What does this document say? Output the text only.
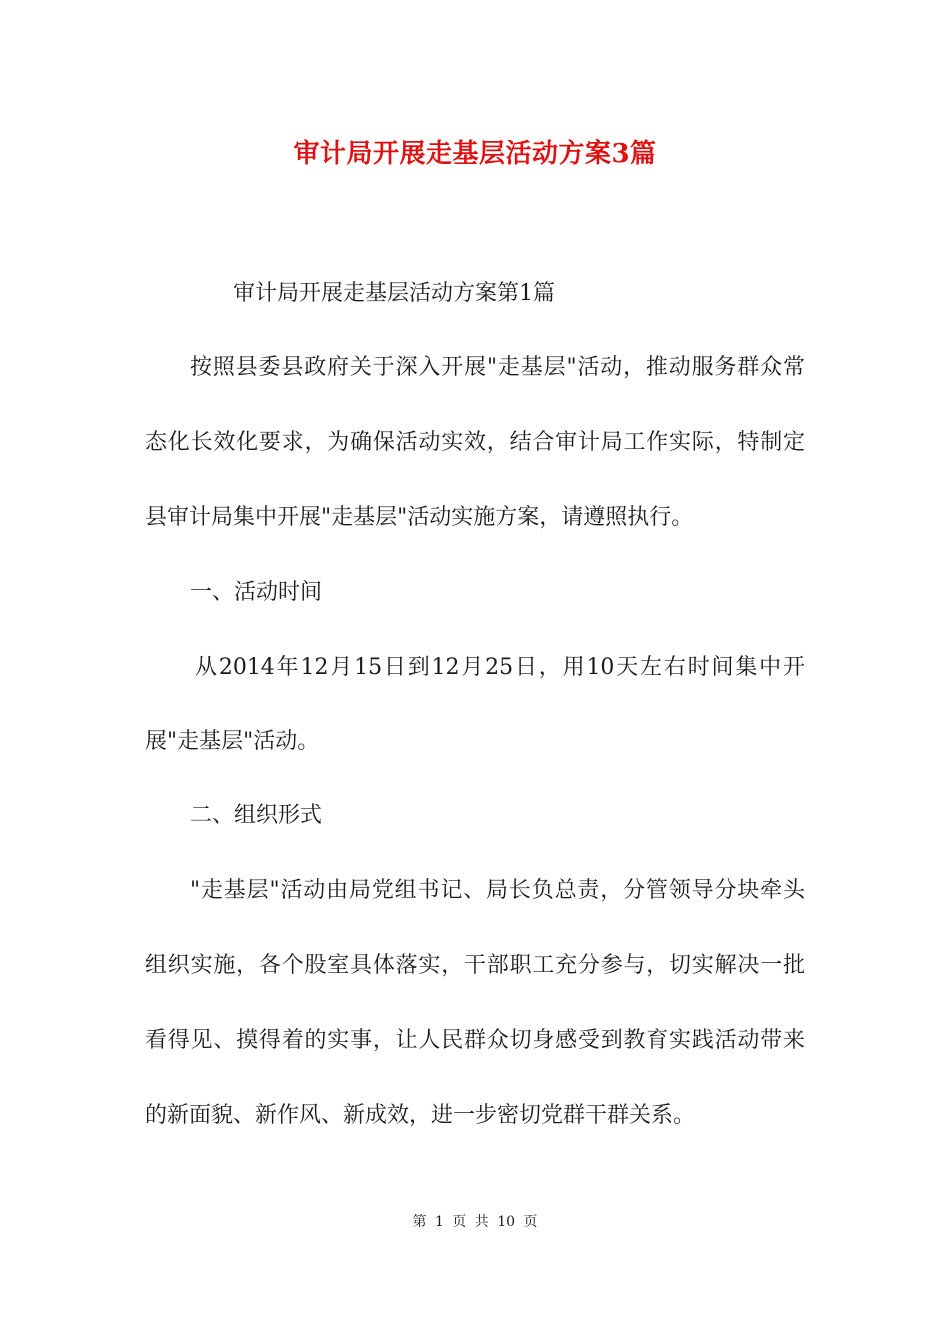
审计局开展走基层活动方案3篇

审计局开展走基层活动方案第1篇

按照县委县政府关于深入开展"走基层"活动，推动服务群众常

态化长效化要求，为确保活动实效，结合审计局工作实际，特制定

县审计局集中开展"走基层"活动实施方案，请遵照执行。

一、活动时间

从2014年12月15日到12月25日，用10天左右时间集中开

展"走基层"活动。

二、组织形式

"走基层"活动由局党组书记、局长负总责，分管领导分块牵头

组织实施，各个股室具体落实，干部职工充分参与，切实解决一批

看得见、摸得着的实事，让人民群众切身感受到教育实践活动带来

的新面貌、新作风、新成效，进一步密切党群干群关系。

第 1 页 共 10 页
